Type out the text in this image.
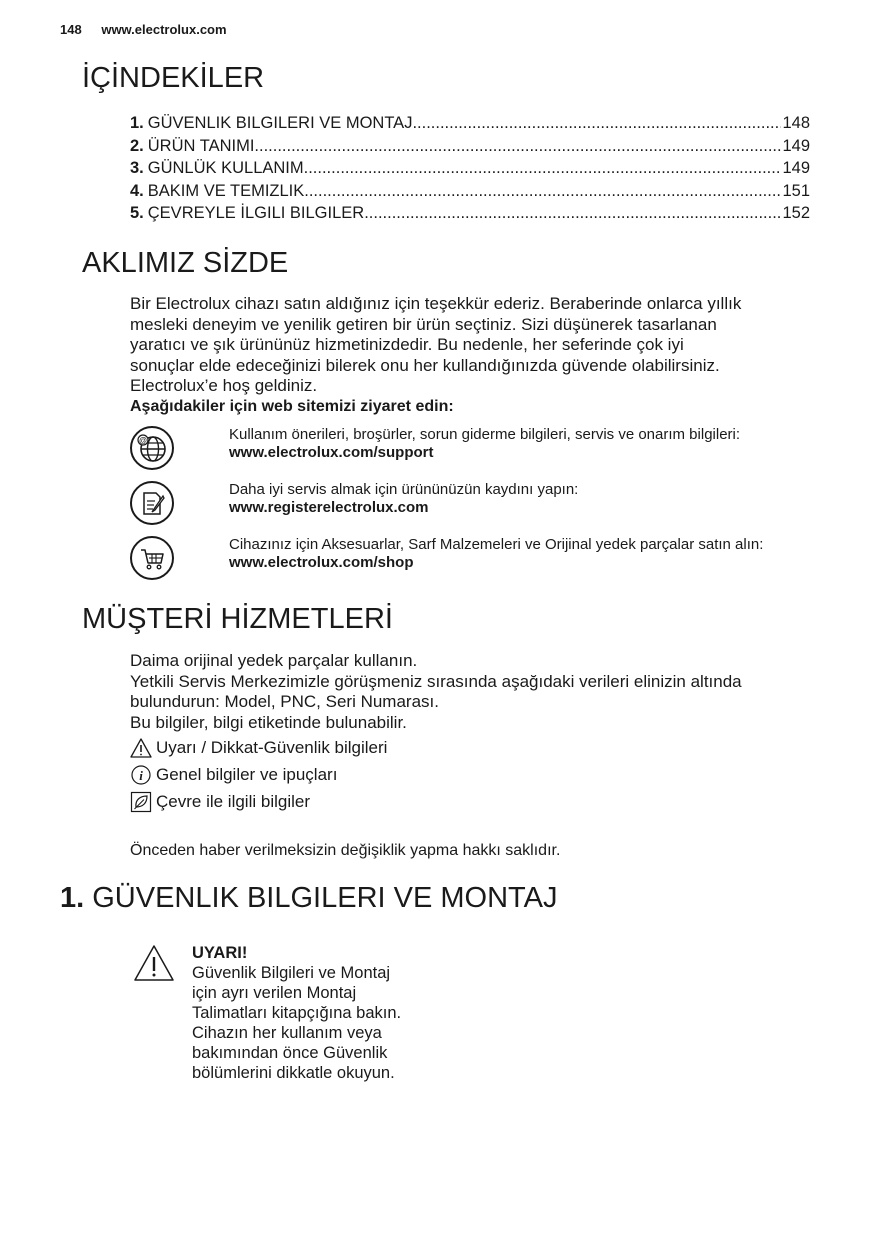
148 www.electrolux.com
İÇİNDEKİLER
1. GÜVENLIK BILGILERI VE MONTAJ .....	148
2. ÜRÜN TANIMI .....	149
3. GÜNLÜK KULLANIM .....	149
4. BAKIM VE TEMIZLIK .....	151
5. ÇEVREYLE İLGILI BILGILER .....	152
AKLIMIZ SİZDE
Bir Electrolux cihazı satın aldığınız için teşekkür ederiz. Beraberinde onlarca yıllık
mesleki deneyim ve yenilik getiren bir ürün seçtiniz. Sizi düşünerek tasarlanan
yaratıcı ve şık ürününüz hizmetinizdedir. Bu nedenle, her seferinde çok iyi
sonuçlar elde edeceğinizi bilerek onu her kullandığınızda güvende olabilirsiniz.
Electrolux’e hoş geldiniz.
Aşağıdakiler için web sitemizi ziyaret edin:
@	Kullanım önerileri, broşürler, sorun giderme bilgileri, servis ve onarım bilgileri:
www.electrolux.com/support
Daha iyi servis almak için ürününüzün kaydını yapın:
www.registerelectrolux.com
Cihazınız için Aksesuarlar, Sarf Malzemeleri ve Orijinal yedek parçalar satın alın:
www.electrolux.com/shop
MÜŞTERİ HİZMETLERİ
Daima orijinal yedek parçalar kullanın.
Yetkili Servis Merkezimizle görüşmeniz sırasında aşağıdaki verileri elinizin altında
bulundurun: Model, PNC, Seri Numarası.
Bu bilgiler, bilgi etiketinde bulunabilir.
Uyarı / Dikkat-Güvenlik bilgileri
i Genel bilgiler ve ipuçları
Çevre ile ilgili bilgiler
Önceden haber verilmeksizin değişiklik yapma hakkı saklıdır.
1. GÜVENLIK BILGILERI VE MONTAJ
UYARI!
Güvenlik Bilgileri ve Montaj
için ayrı verilen Montaj
Talimatları kitapçığına bakın.
Cihazın her kullanım veya
bakımından önce Güvenlik
bölümlerini dikkatle okuyun.
